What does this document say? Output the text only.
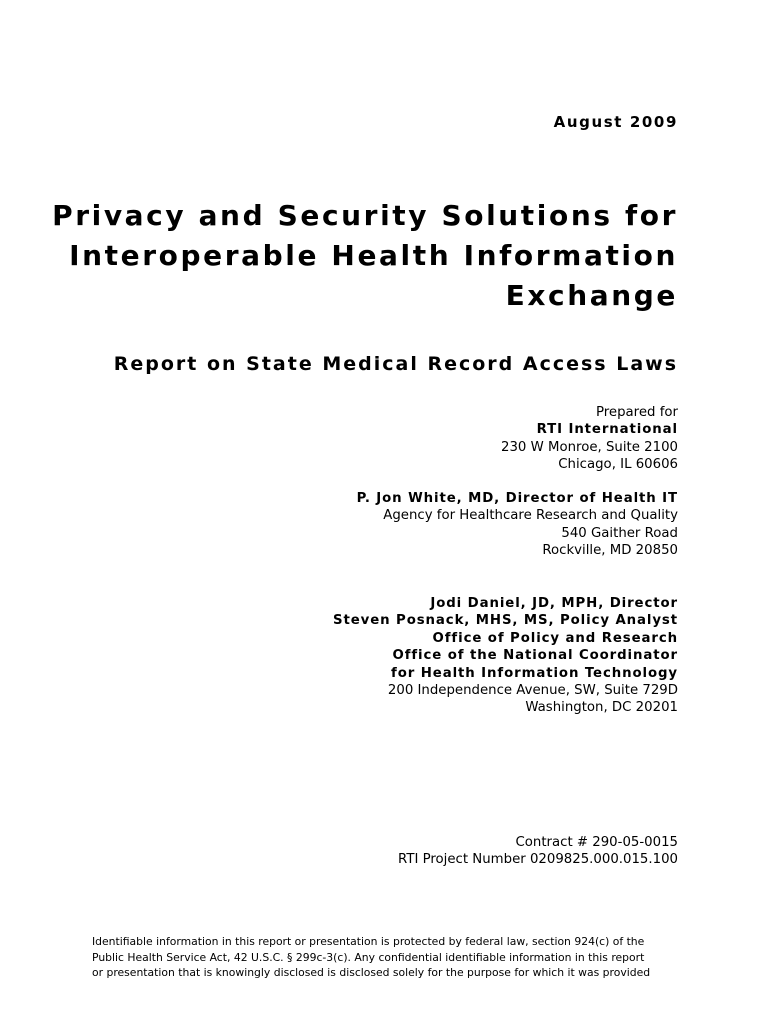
August 2009
Privacy and Security Solutions for
Interoperable Health Information
Exchange
Report on State Medical Record Access Laws
Prepared for
RTI International
230 W Monroe, Suite 2100
Chicago, IL 60606
P. Jon White, MD, Director of Health IT
Agency for Healthcare Research and Quality
540 Gaither Road
Rockville, MD 20850
Jodi Daniel, JD, MPH, Director
Steven Posnack, MHS, MS, Policy Analyst
Office of Policy and Research
Office of the National Coordinator
for Health Information Technology
200 Independence Avenue, SW, Suite 729D
Washington, DC 20201
Contract # 290-05-0015
RTI Project Number 0209825.000.015.100
Identifiable information in this report or presentation is protected by federal law, section 924(c) of the
Public Health Service Act, 42 U.S.C. § 299c-3(c). Any confidential identifiable information in this report
or presentation that is knowingly disclosed is disclosed solely for the purpose for which it was provided
